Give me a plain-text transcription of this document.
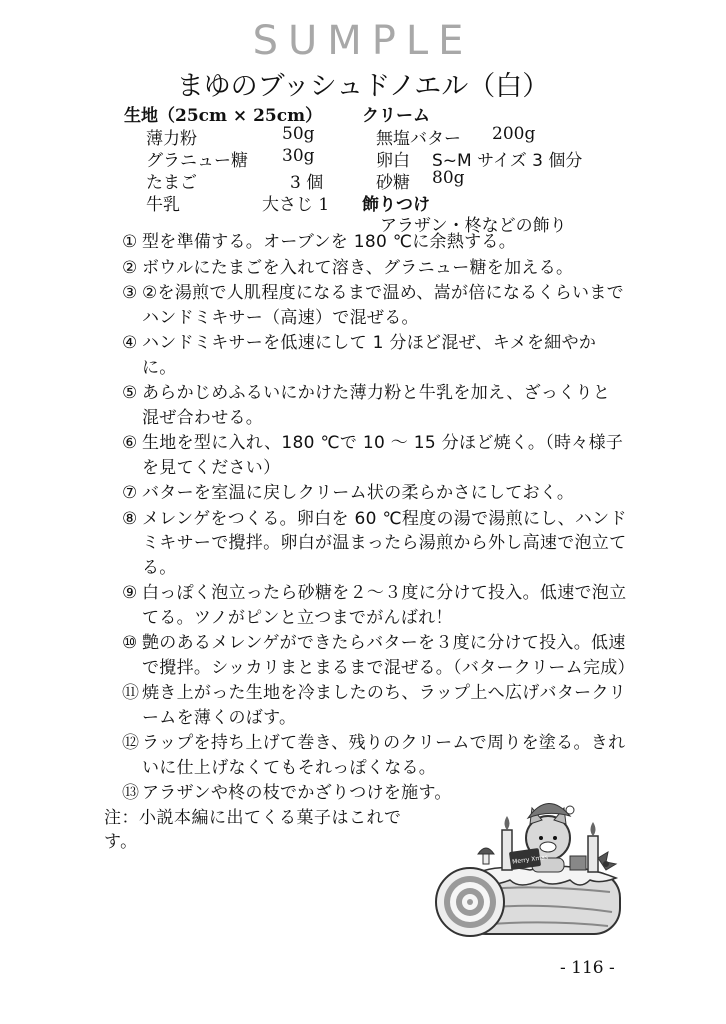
SUMPLE
まゆのブッシュドノエル（白）
生地（25cm × 25cm）
薄力粉	50g
グラニュー糖 30g
たまご	3 個
牛乳	大さじ 1
クリーム
無塩バター 200g
卵白 S~M サイズ 3 個分
砂糖 80g
飾りつけ
アラザン・柊などの飾り
① 型を準備する。オーブンを 180 ℃に余熱する。
② ボウルにたまごを入れて溶き、グラニュー糖を加える。
③ ②を湯煎で人肌程度になるまで温め、嵩が倍になるくらいまでハンドミキサー（高速）で混ぜる。
④ ハンドミキサーを低速にして 1 分ほど混ぜ、キメを細やかに。
⑤ あらかじめふるいにかけた薄力粉と牛乳を加え、ざっくりと混ぜ合わせる。
⑥ 生地を型に入れ、180 ℃で 10 〜 15 分ほど焼く。（時々様子を見てください）
⑦ バターを室温に戻しクリーム状の柔らかさにしておく。
⑧ メレンゲをつくる。卵白を 60 ℃程度の湯で湯煎にし、ハンドミキサーで攪拌。卵白が温まったら湯煎から外し高速で泡立てる。
⑨ 白っぽく泡立ったら砂糖を２〜３度に分けて投入。低速で泡立てる。ツノがピンと立つまでがんばれ！
⑩ 艶のあるメレンゲができたらバターを３度に分けて投入。低速で攪拌。シッカリまとまるまで混ぜる。（バタークリーム完成）
⑪ 焼き上がった生地を冷ましたのち、ラップ上へ広げバタークリームを薄くのばす。
⑫ ラップを持ち上げて巻き、残りのクリームで周りを塗る。きれいに仕上げなくてもそれっぽくなる。
⑬ アラザンや柊の枝でかざりつけを施す。
注：小説本編に出てくる菓子はこれです。
Merry Xmas
- 116 -
